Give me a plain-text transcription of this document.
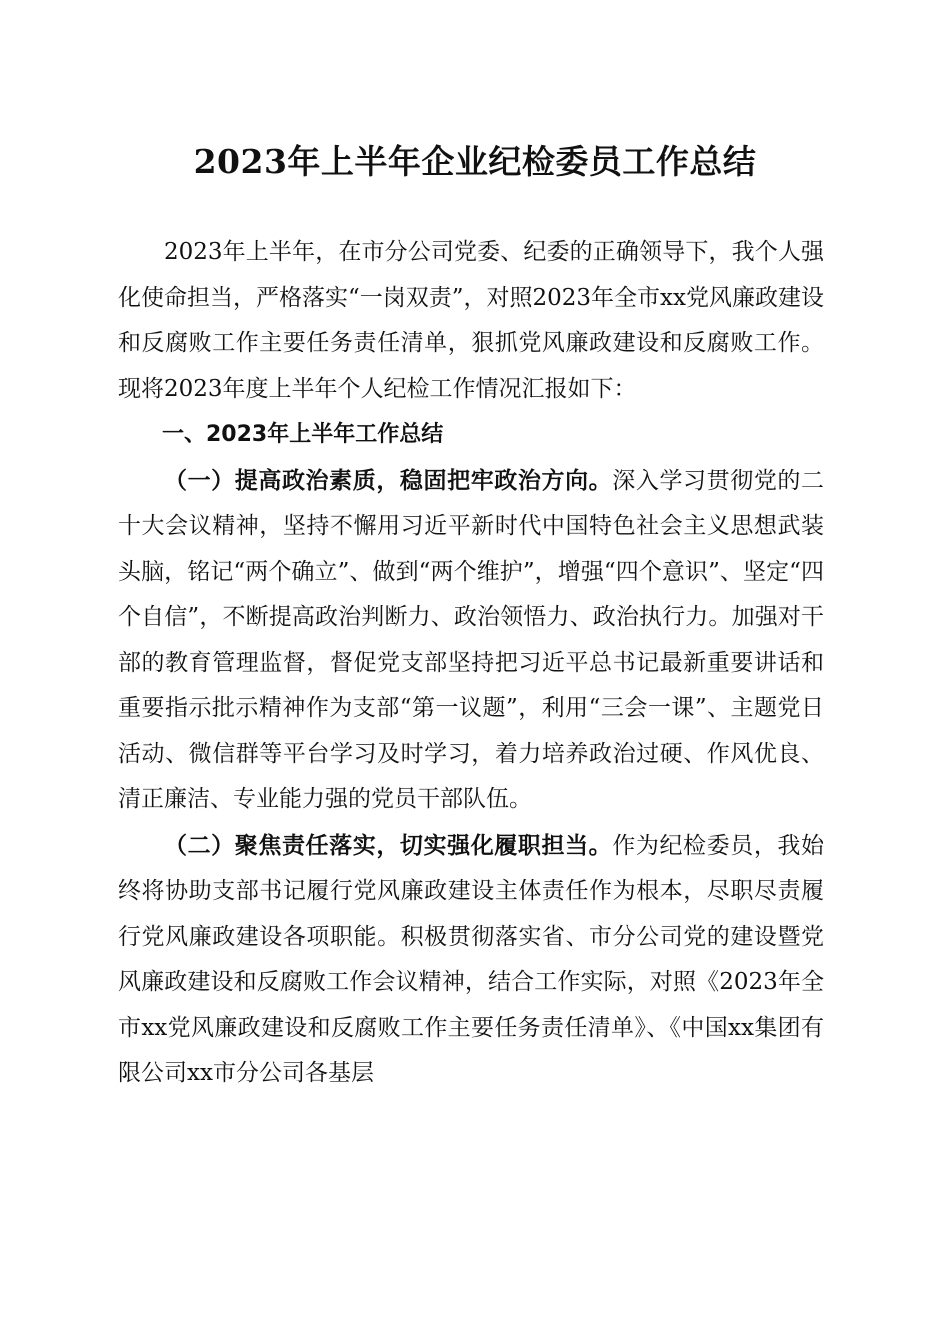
2023年上半年企业纪检委员工作总结

2023年上半年，在市分公司党委、纪委的正确领导下，我个人强化使命担当，严格落实“一岗双责”，对照2023年全市xx党风廉政建设和反腐败工作主要任务责任清单，狠抓党风廉政建设和反腐败工作。现将2023年度上半年个人纪检工作情况汇报如下：

一、2023年上半年工作总结

（一）提高政治素质，稳固把牢政治方向。深入学习贯彻党的二十大会议精神，坚持不懈用习近平新时代中国特色社会主义思想武装头脑，铭记“两个确立”、做到“两个维护”，增强“四个意识”、坚定“四个自信”，不断提高政治判断力、政治领悟力、政治执行力。加强对干部的教育管理监督，督促党支部坚持把习近平总书记最新重要讲话和重要指示批示精神作为支部“第一议题”，利用“三会一课”、主题党日活动、微信群等平台学习及时学习，着力培养政治过硬、作风优良、清正廉洁、专业能力强的党员干部队伍。

（二）聚焦责任落实，切实强化履职担当。作为纪检委员，我始终将协助支部书记履行党风廉政建设主体责任作为根本，尽职尽责履行党风廉政建设各项职能。积极贯彻落实省、市分公司党的建设暨党风廉政建设和反腐败工作会议精神，结合工作实际，对照《2023年全市xx党风廉政建设和反腐败工作主要任务责任清单》、《中国xx集团有限公司xx市分公司各基层
